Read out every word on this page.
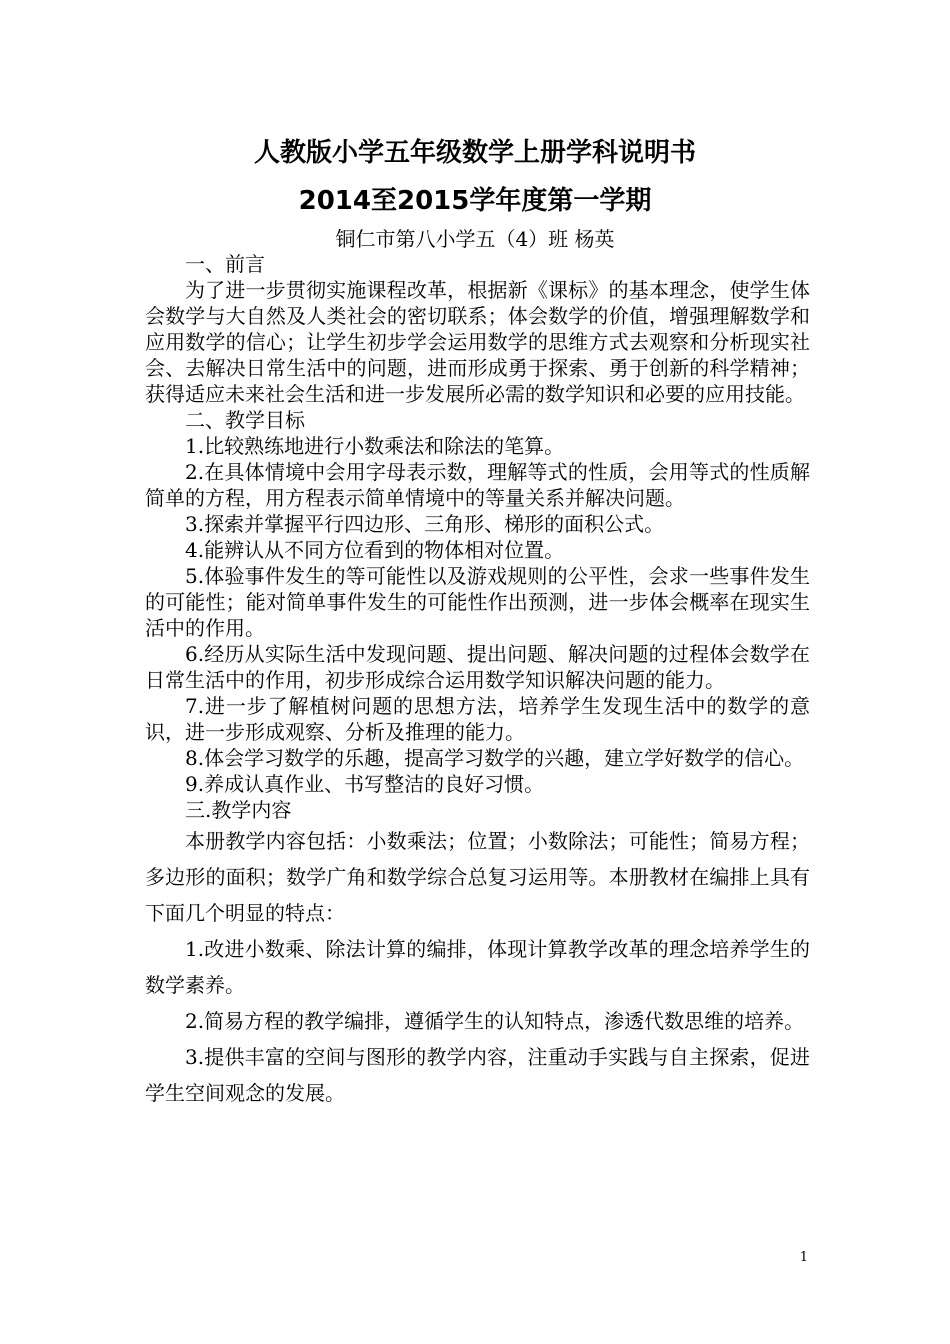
人教版小学五年级数学上册学科说明书
2014至2015学年度第一学期
铜仁市第八小学五（4）班 杨英

一、前言

为了进一步贯彻实施课程改革，根据新《课标》的基本理念，使学生体会数学与大自然及人类社会的密切联系；体会数学的价值，增强理解数学和应用数学的信心；让学生初步学会运用数学的思维方式去观察和分析现实社会、去解决日常生活中的问题，进而形成勇于探索、勇于创新的科学精神；获得适应未来社会生活和进一步发展所必需的数学知识和必要的应用技能。

二、教学目标

1.比较熟练地进行小数乘法和除法的笔算。

2.在具体情境中会用字母表示数，理解等式的性质，会用等式的性质解简单的方程，用方程表示简单情境中的等量关系并解决问题。

3.探索并掌握平行四边形、三角形、梯形的面积公式。

4.能辨认从不同方位看到的物体相对位置。

5.体验事件发生的等可能性以及游戏规则的公平性，会求一些事件发生的可能性；能对简单事件发生的可能性作出预测，进一步体会概率在现实生活中的作用。

6.经历从实际生活中发现问题、提出问题、解决问题的过程体会数学在日常生活中的作用，初步形成综合运用数学知识解决问题的能力。

7.进一步了解植树问题的思想方法，培养学生发现生活中的数学的意识，进一步形成观察、分析及推理的能力。

8.体会学习数学的乐趣，提高学习数学的兴趣，建立学好数学的信心。

9.养成认真作业、书写整洁的良好习惯。

三.教学内容

本册教学内容包括：小数乘法；位置；小数除法；可能性；简易方程；多边形的面积；数学广角和数学综合总复习运用等。本册教材在编排上具有下面几个明显的特点：

1.改进小数乘、除法计算的编排，体现计算教学改革的理念培养学生的数学素养。

2.简易方程的教学编排，遵循学生的认知特点，渗透代数思维的培养。

3.提供丰富的空间与图形的教学内容，注重动手实践与自主探索，促进学生空间观念的发展。

1
